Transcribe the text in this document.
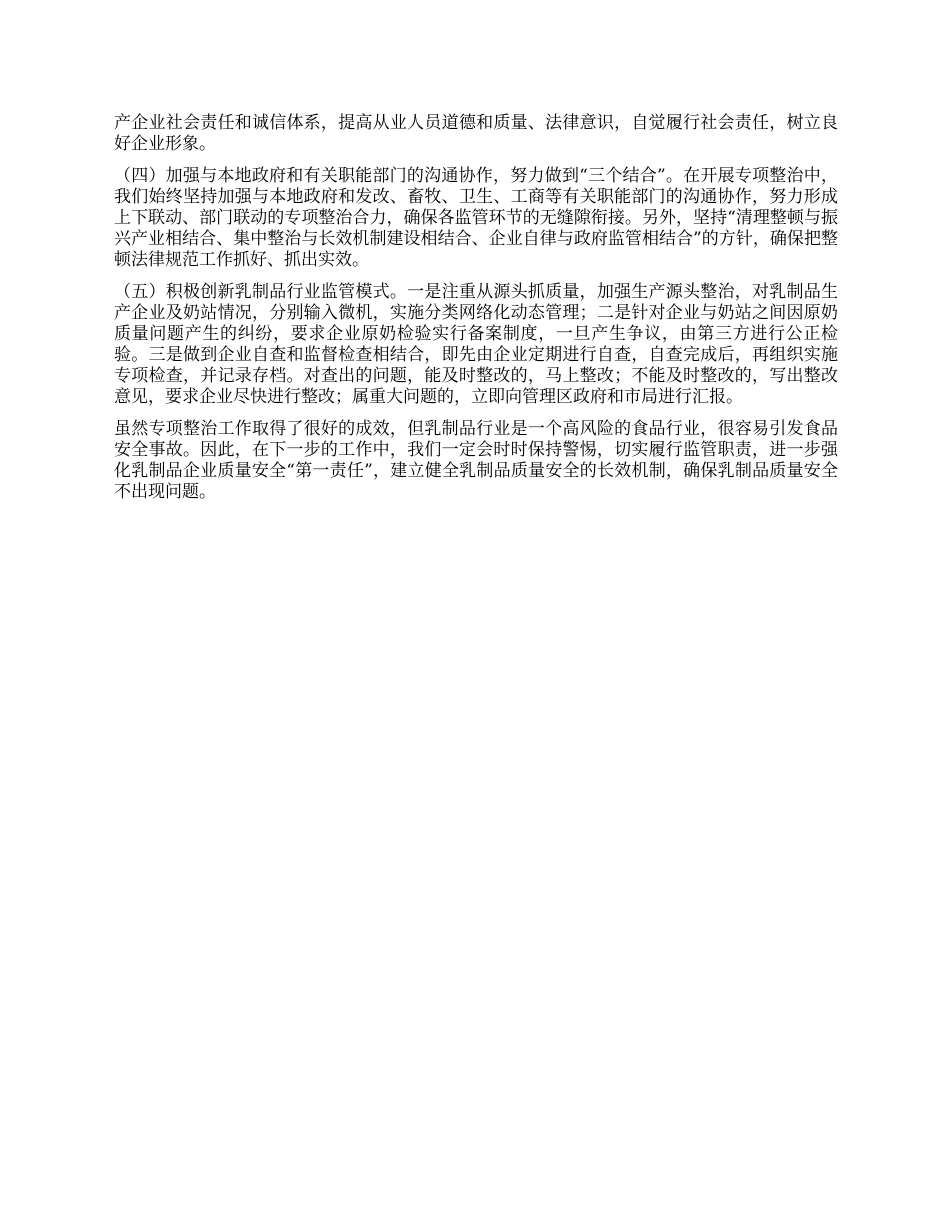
产企业社会责任和诚信体系，提高从业人员道德和质量、法律意识，自觉履行社会责任，树立良好企业形象。

（四）加强与本地政府和有关职能部门的沟通协作，努力做到“三个结合”。在开展专项整治中，我们始终坚持加强与本地政府和发改、畜牧、卫生、工商等有关职能部门的沟通协作，努力形成上下联动、部门联动的专项整治合力，确保各监管环节的无缝隙衔接。另外，坚持“清理整顿与振兴产业相结合、集中整治与长效机制建设相结合、企业自律与政府监管相结合”的方针，确保把整顿法律规范工作抓好、抓出实效。

（五）积极创新乳制品行业监管模式。一是注重从源头抓质量，加强生产源头整治，对乳制品生产企业及奶站情况，分别输入微机，实施分类网络化动态管理；二是针对企业与奶站之间因原奶质量问题产生的纠纷，要求企业原奶检验实行备案制度，一旦产生争议，由第三方进行公正检验。三是做到企业自查和监督检查相结合，即先由企业定期进行自查，自查完成后，再组织实施专项检查，并记录存档。对查出的问题，能及时整改的，马上整改；不能及时整改的，写出整改意见，要求企业尽快进行整改；属重大问题的，立即向管理区政府和市局进行汇报。

虽然专项整治工作取得了很好的成效，但乳制品行业是一个高风险的食品行业，很容易引发食品安全事故。因此，在下一步的工作中，我们一定会时时保持警惕，切实履行监管职责，进一步强化乳制品企业质量安全“第一责任”，建立健全乳制品质量安全的长效机制，确保乳制品质量安全不出现问题。
